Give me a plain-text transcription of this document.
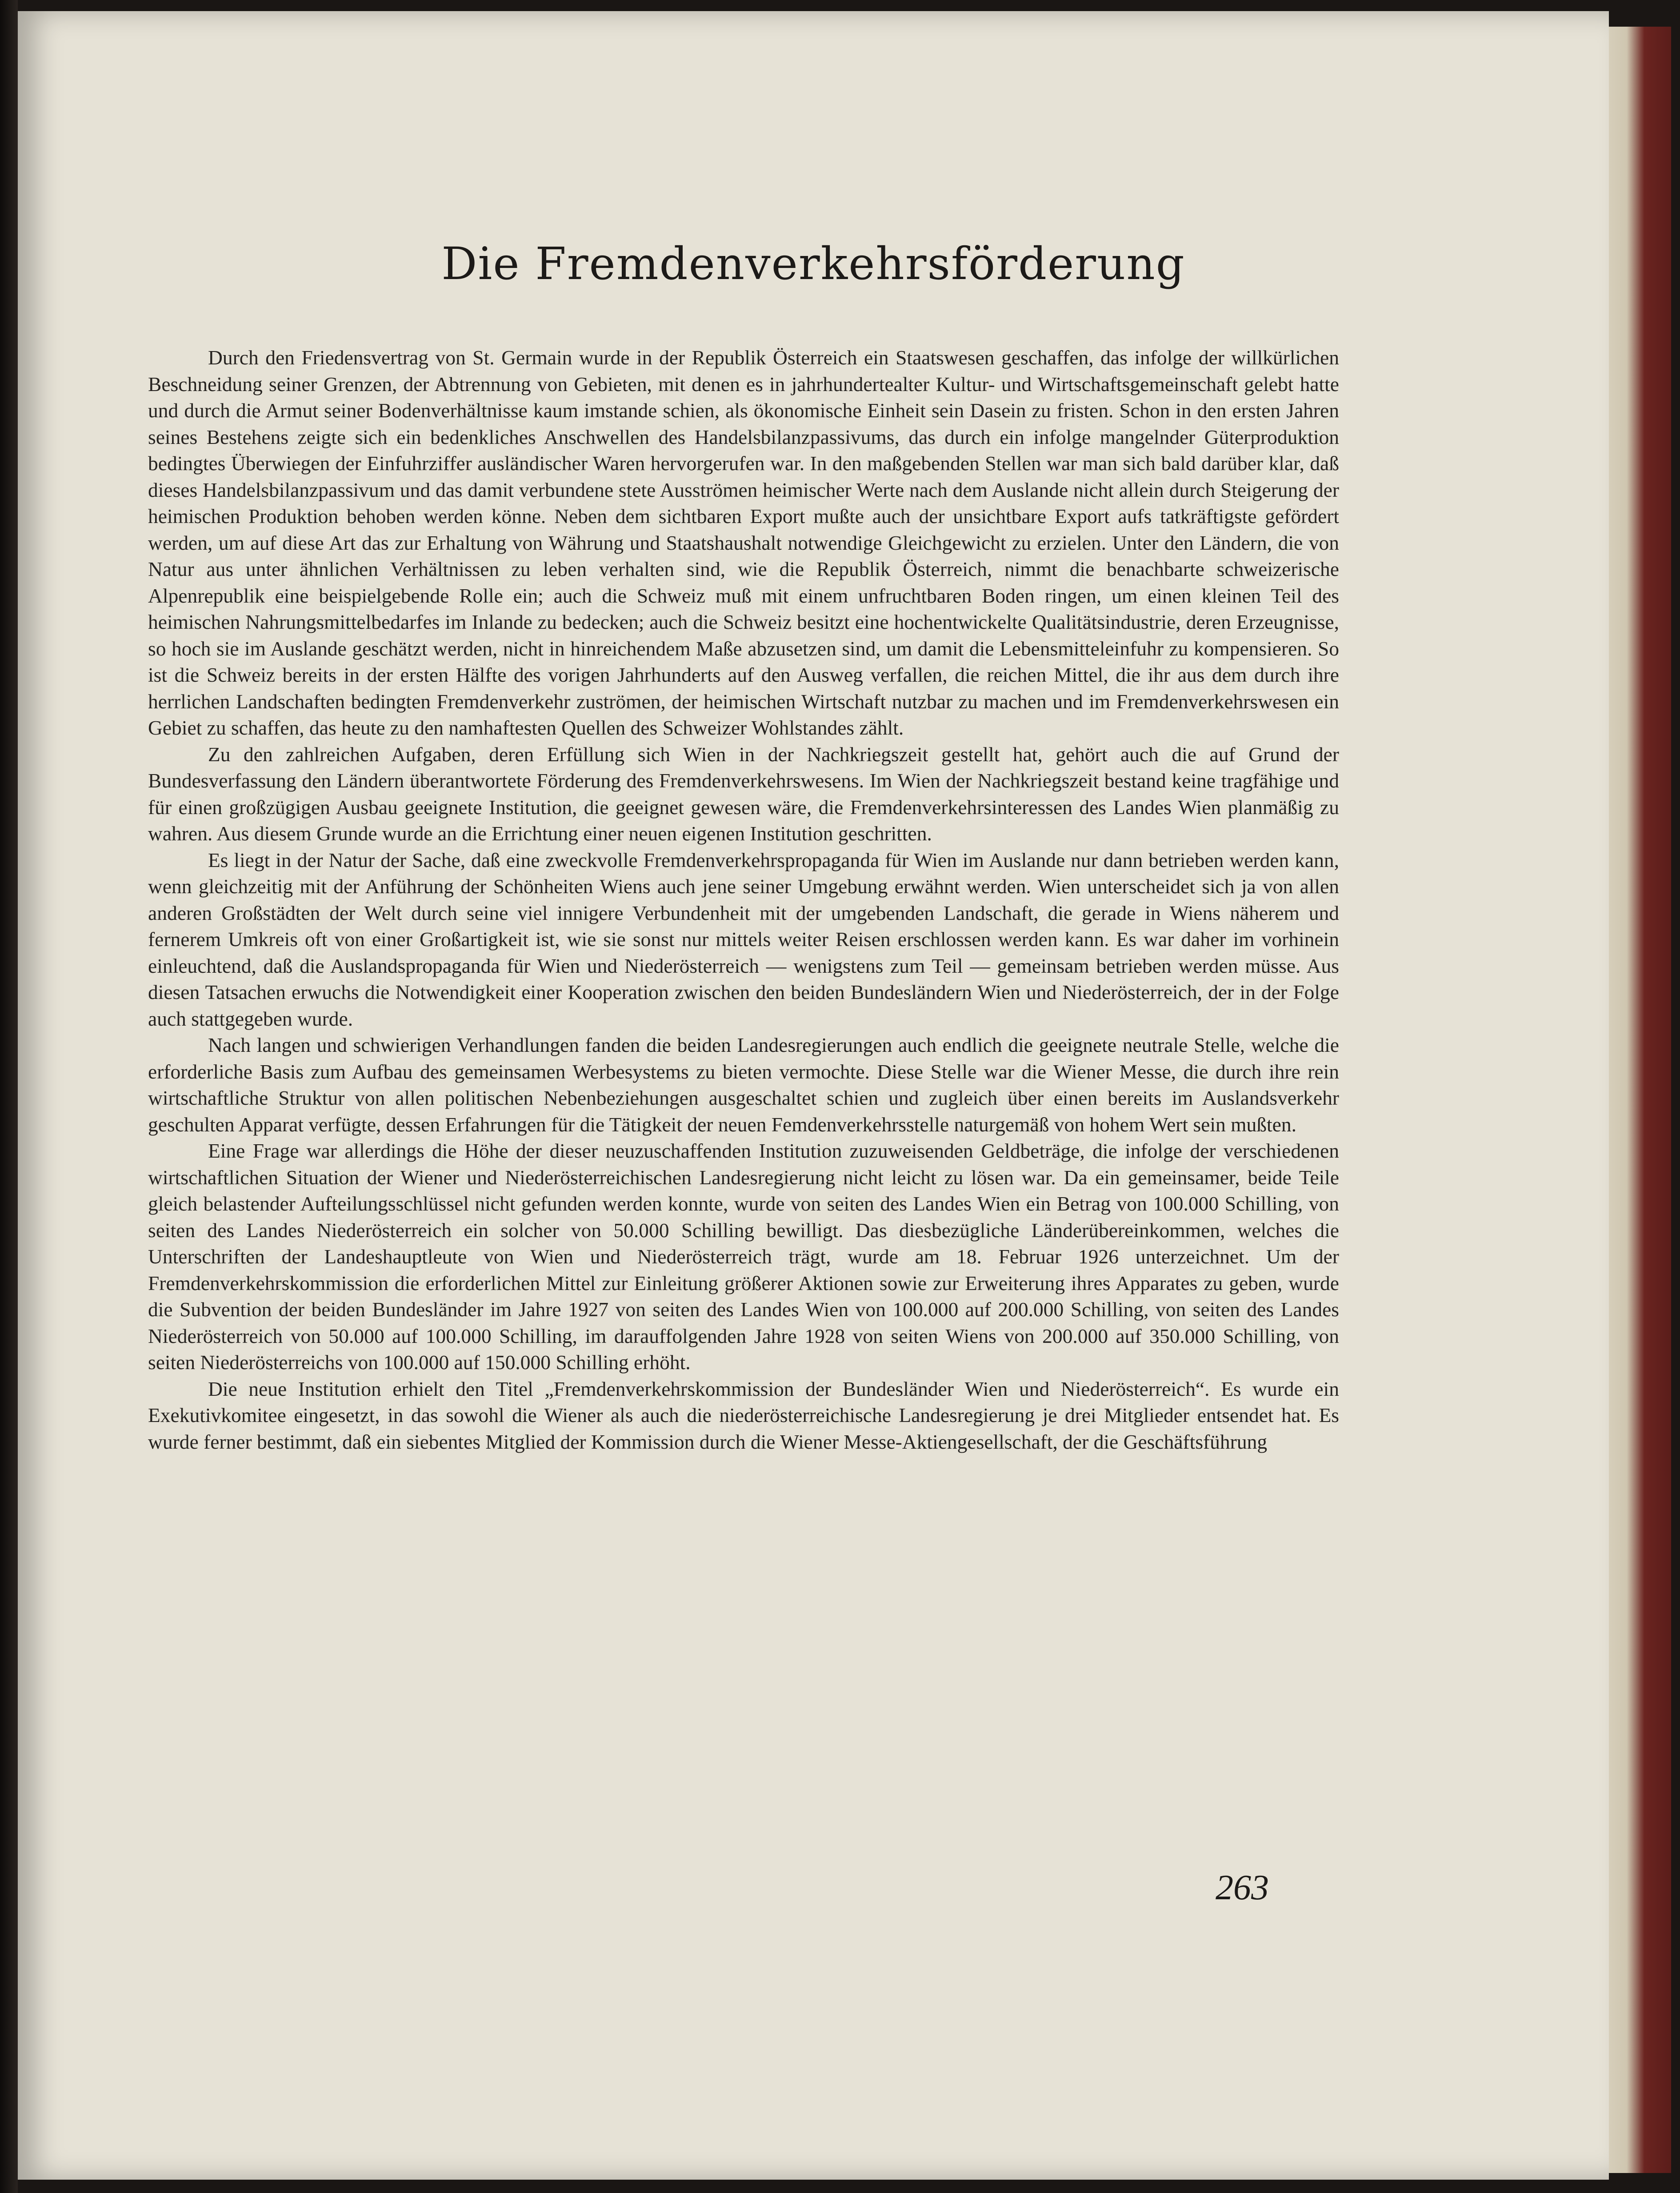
Die Fremdenverkehrsförderung

Durch den Friedensvertrag von St. Germain wurde in der Republik Österreich ein Staatswesen geschaffen, das infolge der willkürlichen Beschneidung seiner Grenzen, der Abtrennung von Gebieten, mit denen es in jahrhundertealter Kultur- und Wirtschaftsgemeinschaft gelebt hatte und durch die Armut seiner Bodenverhältnisse kaum imstande schien, als ökonomische Einheit sein Dasein zu fristen. Schon in den ersten Jahren seines Bestehens zeigte sich ein bedenkliches Anschwellen des Handelsbilanzpassivums, das durch ein infolge mangelnder Güterproduktion bedingtes Überwiegen der Einfuhrziffer ausländischer Waren hervorgerufen war. In den maßgebenden Stellen war man sich bald darüber klar, daß dieses Handelsbilanzpassivum und das damit verbundene stete Ausströmen heimischer Werte nach dem Auslande nicht allein durch Steigerung der heimischen Produktion behoben werden könne. Neben dem sichtbaren Export mußte auch der unsichtbare Export aufs tatkräftigste gefördert werden, um auf diese Art das zur Erhaltung von Währung und Staatshaushalt notwendige Gleichgewicht zu erzielen. Unter den Ländern, die von Natur aus unter ähnlichen Verhältnissen zu leben verhalten sind, wie die Republik Österreich, nimmt die benachbarte schweizerische Alpenrepublik eine beispielgebende Rolle ein; auch die Schweiz muß mit einem unfruchtbaren Boden ringen, um einen kleinen Teil des heimischen Nahrungsmittelbedarfes im Inlande zu bedecken; auch die Schweiz besitzt eine hochentwickelte Qualitätsindustrie, deren Erzeugnisse, so hoch sie im Auslande geschätzt werden, nicht in hinreichendem Maße abzusetzen sind, um damit die Lebensmitteleinfuhr zu kompensieren. So ist die Schweiz bereits in der ersten Hälfte des vorigen Jahrhunderts auf den Ausweg verfallen, die reichen Mittel, die ihr aus dem durch ihre herrlichen Landschaften bedingten Fremdenverkehr zuströmen, der heimischen Wirtschaft nutzbar zu machen und im Fremdenverkehrswesen ein Gebiet zu schaffen, das heute zu den namhaftesten Quellen des Schweizer Wohlstandes zählt.

Zu den zahlreichen Aufgaben, deren Erfüllung sich Wien in der Nachkriegszeit gestellt hat, gehört auch die auf Grund der Bundesverfassung den Ländern überantwortete Förderung des Fremdenverkehrswesens. Im Wien der Nachkriegszeit bestand keine tragfähige und für einen großzügigen Ausbau geeignete Institution, die geeignet gewesen wäre, die Fremdenverkehrsinteressen des Landes Wien planmäßig zu wahren. Aus diesem Grunde wurde an die Errichtung einer neuen eigenen Institution geschritten.

Es liegt in der Natur der Sache, daß eine zweckvolle Fremdenverkehrspropaganda für Wien im Auslande nur dann betrieben werden kann, wenn gleichzeitig mit der Anführung der Schönheiten Wiens auch jene seiner Umgebung erwähnt werden. Wien unterscheidet sich ja von allen anderen Großstädten der Welt durch seine viel innigere Verbundenheit mit der umgebenden Landschaft, die gerade in Wiens näherem und fernerem Umkreis oft von einer Großartigkeit ist, wie sie sonst nur mittels weiter Reisen erschlossen werden kann. Es war daher im vorhinein einleuchtend, daß die Auslandspropaganda für Wien und Niederösterreich — wenigstens zum Teil — gemeinsam betrieben werden müsse. Aus diesen Tatsachen erwuchs die Notwendigkeit einer Kooperation zwischen den beiden Bundesländern Wien und Niederösterreich, der in der Folge auch stattgegeben wurde.

Nach langen und schwierigen Verhandlungen fanden die beiden Landesregierungen auch endlich die geeignete neutrale Stelle, welche die erforderliche Basis zum Aufbau des gemeinsamen Werbesystems zu bieten vermochte. Diese Stelle war die Wiener Messe, die durch ihre rein wirtschaftliche Struktur von allen politischen Nebenbeziehungen ausgeschaltet schien und zugleich über einen bereits im Auslandsverkehr geschulten Apparat verfügte, dessen Erfahrungen für die Tätigkeit der neuen Femdenverkehrsstelle naturgemäß von hohem Wert sein mußten.

Eine Frage war allerdings die Höhe der dieser neuzuschaffenden Institution zuzuweisenden Geldbeträge, die infolge der verschiedenen wirtschaftlichen Situation der Wiener und Niederösterreichischen Landesregierung nicht leicht zu lösen war. Da ein gemeinsamer, beide Teile gleich belastender Aufteilungsschlüssel nicht gefunden werden konnte, wurde von seiten des Landes Wien ein Betrag von 100.000 Schilling, von seiten des Landes Niederösterreich ein solcher von 50.000 Schilling bewilligt. Das diesbezügliche Länderübereinkommen, welches die Unterschriften der Landeshauptleute von Wien und Niederösterreich trägt, wurde am 18. Februar 1926 unterzeichnet. Um der Fremdenverkehrskommission die erforderlichen Mittel zur Einleitung größerer Aktionen sowie zur Erweiterung ihres Apparates zu geben, wurde die Subvention der beiden Bundesländer im Jahre 1927 von seiten des Landes Wien von 100.000 auf 200.000 Schilling, von seiten des Landes Niederösterreich von 50.000 auf 100.000 Schilling, im darauffolgenden Jahre 1928 von seiten Wiens von 200.000 auf 350.000 Schilling, von seiten Niederösterreichs von 100.000 auf 150.000 Schilling erhöht.

Die neue Institution erhielt den Titel „Fremdenverkehrskommission der Bundesländer Wien und Niederösterreich“. Es wurde ein Exekutivkomitee eingesetzt, in das sowohl die Wiener als auch die niederösterreichische Landesregierung je drei Mitglieder entsendet hat. Es wurde ferner bestimmt, daß ein siebentes Mitglied der Kommission durch die Wiener Messe-Aktiengesellschaft, der die Geschäftsführung

263
